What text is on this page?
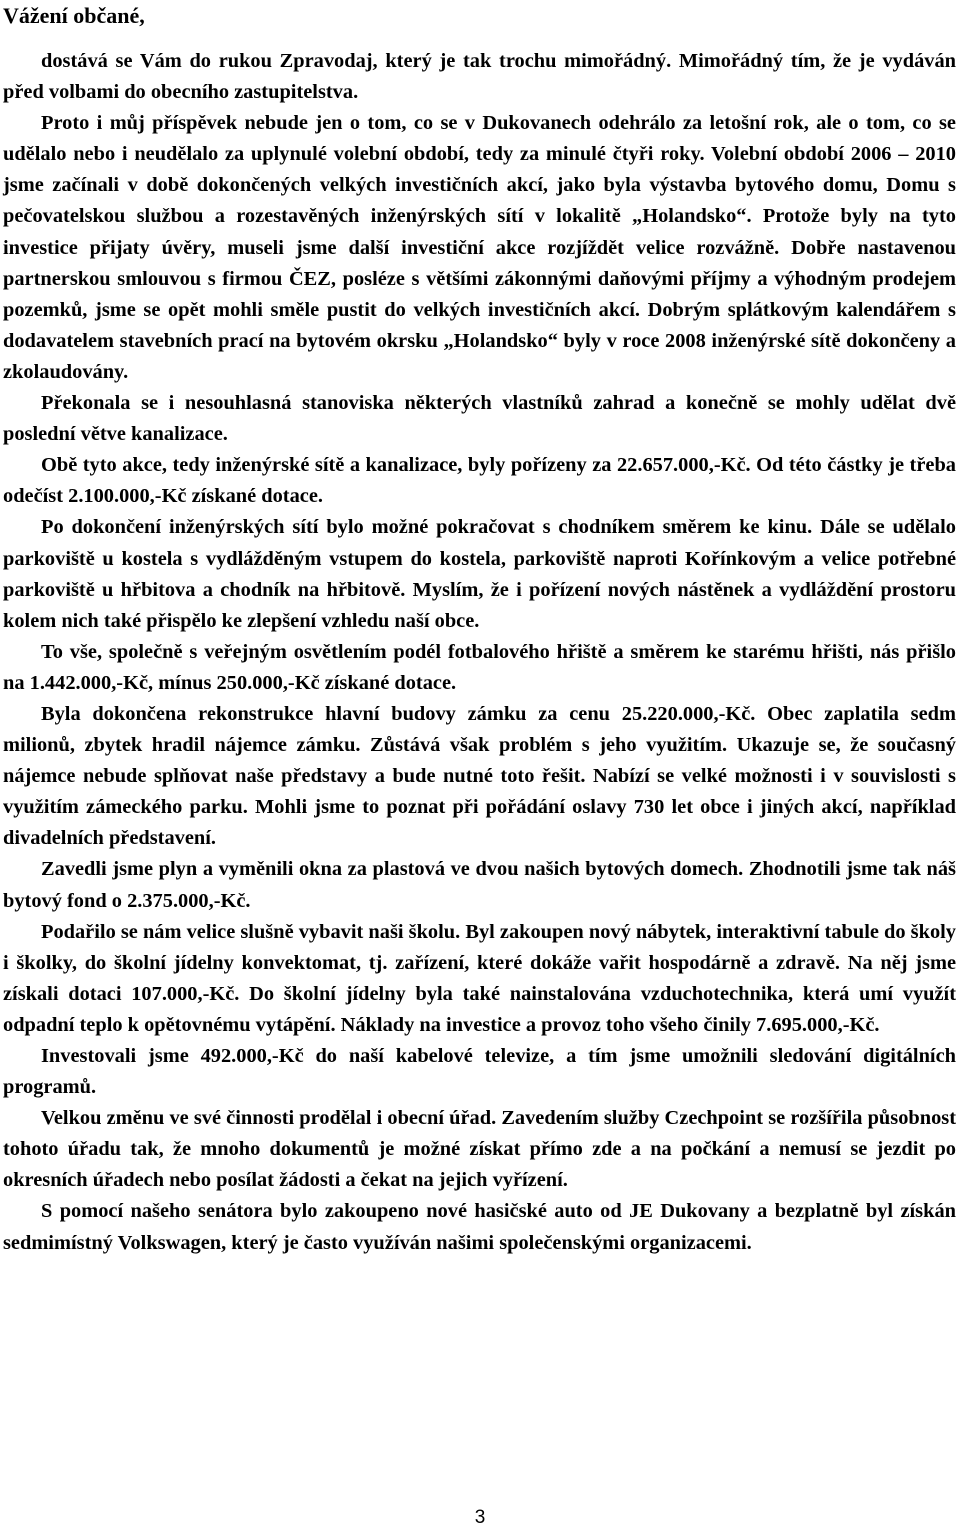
Vážení občané,

dostává se Vám do rukou Zpravodaj, který je tak trochu mimořádný. Mimořádný tím, že je vydáván před volbami do obecního zastupitelstva.

Proto i můj příspěvek nebude jen o tom, co se v Dukovanech odehrálo za letošní rok, ale o tom, co se udělalo nebo i neudělalo za uplynulé volební období, tedy za minulé čtyři roky. Volební období 2006 – 2010 jsme začínali v době dokončených velkých investičních akcí, jako byla výstavba bytového domu, Domu s pečovatelskou službou a rozestavěných inženýrských sítí v lokalitě „Holandsko“. Protože byly na tyto investice přijaty úvěry, museli jsme další investiční akce rozjíždět velice rozvážně. Dobře nastavenou partnerskou smlouvou s firmou ČEZ, posléze s většími zákonnými daňovými příjmy a výhodným prodejem pozemků, jsme se opět mohli směle pustit do velkých investičních akcí. Dobrým splátkovým kalendářem s dodavatelem stavebních prací na bytovém okrsku „Holandsko“ byly v roce 2008 inženýrské sítě dokončeny a zkolaudovány.

Překonala se i nesouhlasná stanoviska některých vlastníků zahrad a konečně se mohly udělat dvě poslední větve kanalizace.

Obě tyto akce, tedy inženýrské sítě a kanalizace, byly pořízeny za 22.657.000,-Kč. Od této částky je třeba odečíst 2.100.000,-Kč získané dotace.

Po dokončení inženýrských sítí bylo možné pokračovat s chodníkem směrem ke kinu. Dále se udělalo parkoviště u kostela s vydlážděným vstupem do kostela, parkoviště naproti Kořínkovým a velice potřebné parkoviště u hřbitova a chodník na hřbitově. Myslím, že i pořízení nových nástěnek a vydláždění prostoru kolem nich také přispělo ke zlepšení vzhledu naší obce.

To vše, společně s veřejným osvětlením podél fotbalového hřiště a směrem ke starému hřišti, nás přišlo na 1.442.000,-Kč, mínus 250.000,-Kč získané dotace.

Byla dokončena rekonstrukce hlavní budovy zámku za cenu 25.220.000,-Kč. Obec zaplatila sedm milionů, zbytek hradil nájemce zámku. Zůstává však problém s jeho využitím. Ukazuje se, že současný nájemce nebude splňovat naše představy a bude nutné toto řešit. Nabízí se velké možnosti i v souvislosti s využitím zámeckého parku. Mohli jsme to poznat při pořádání oslavy 730 let obce i jiných akcí, například divadelních představení.

Zavedli jsme plyn a vyměnili okna za plastová ve dvou našich bytových domech. Zhodnotili jsme tak náš bytový fond o 2.375.000,-Kč.

Podařilo se nám velice slušně vybavit naši školu. Byl zakoupen nový nábytek, interaktivní tabule do školy i školky, do školní jídelny konvektomat, tj. zařízení, které dokáže vařit hospodárně a zdravě. Na něj jsme získali dotaci 107.000,-Kč. Do školní jídelny byla také nainstalována vzduchotechnika, která umí využít odpadní teplo k opětovnému vytápění. Náklady na investice a provoz toho všeho činily 7.695.000,-Kč.

Investovali jsme 492.000,-Kč do naší kabelové televize, a tím jsme umožnili sledování digitálních programů.

Velkou změnu ve své činnosti prodělal i obecní úřad. Zavedením služby Czechpoint se rozšířila působnost tohoto úřadu tak, že mnoho dokumentů je možné získat přímo zde a na počkání a nemusí se jezdit po okresních úřadech nebo posílat žádosti a čekat na jejich vyřízení.

S pomocí našeho senátora bylo zakoupeno nové hasičské auto od JE Dukovany a bezplatně byl získán sedmimístný Volkswagen, který je často využíván našimi společenskými organizacemi.

3
